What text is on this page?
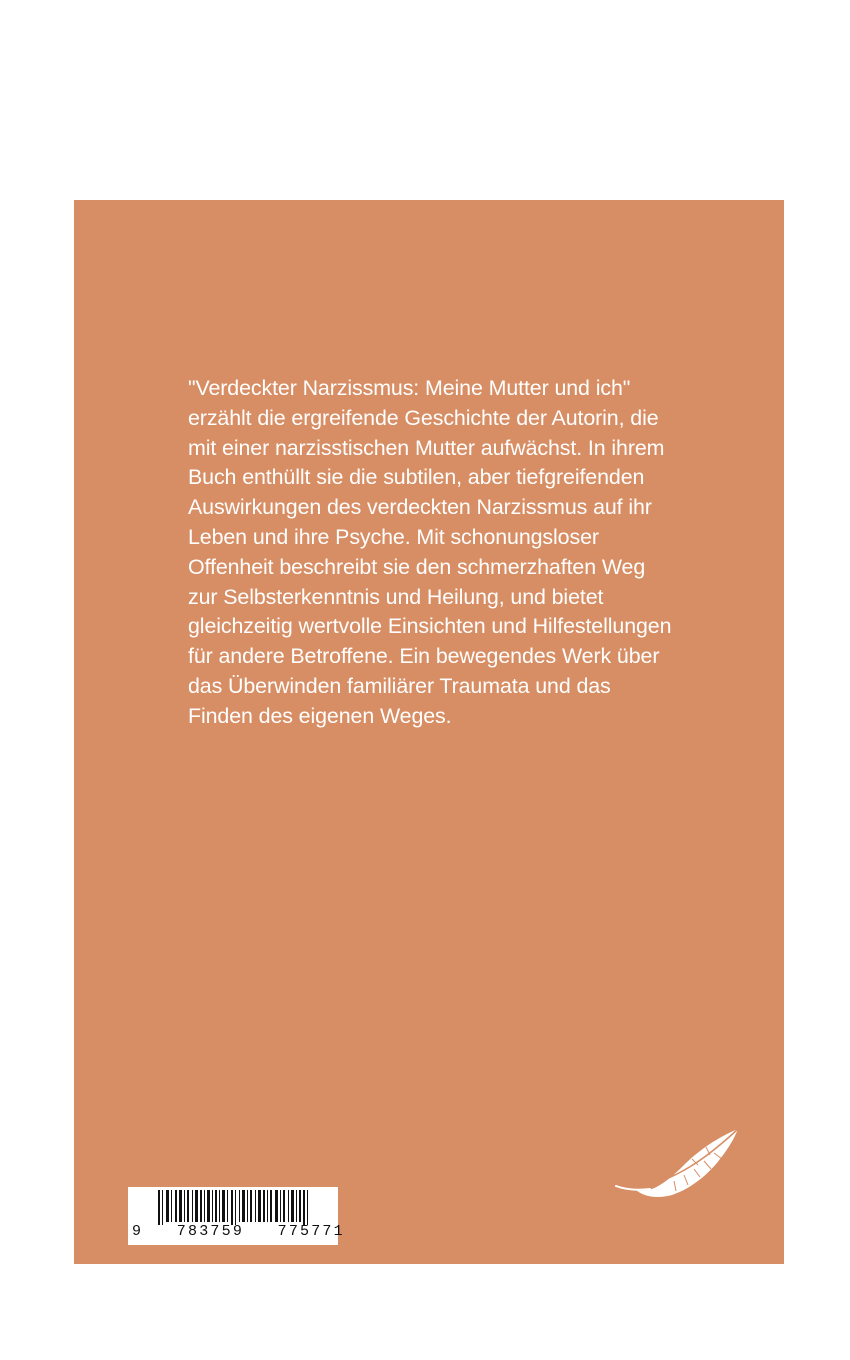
"Verdeckter Narzissmus: Meine Mutter und ich" erzählt die ergreifende Geschichte der Autorin, die mit einer narzisstischen Mutter aufwächst. In ihrem Buch enthüllt sie die subtilen, aber tiefgreifenden Auswirkungen des verdeckten Narzissmus auf ihr Leben und ihre Psyche. Mit schonungsloser Offenheit beschreibt sie den schmerzhaften Weg zur Selbsterkenntnis und Heilung, und bietet gleichzeitig wertvolle Einsichten und Hilfestellungen für andere Betroffene. Ein bewegendes Werk über das Überwinden familiärer Traumata und das Finden des eigenen Weges.

9   783759   775771
